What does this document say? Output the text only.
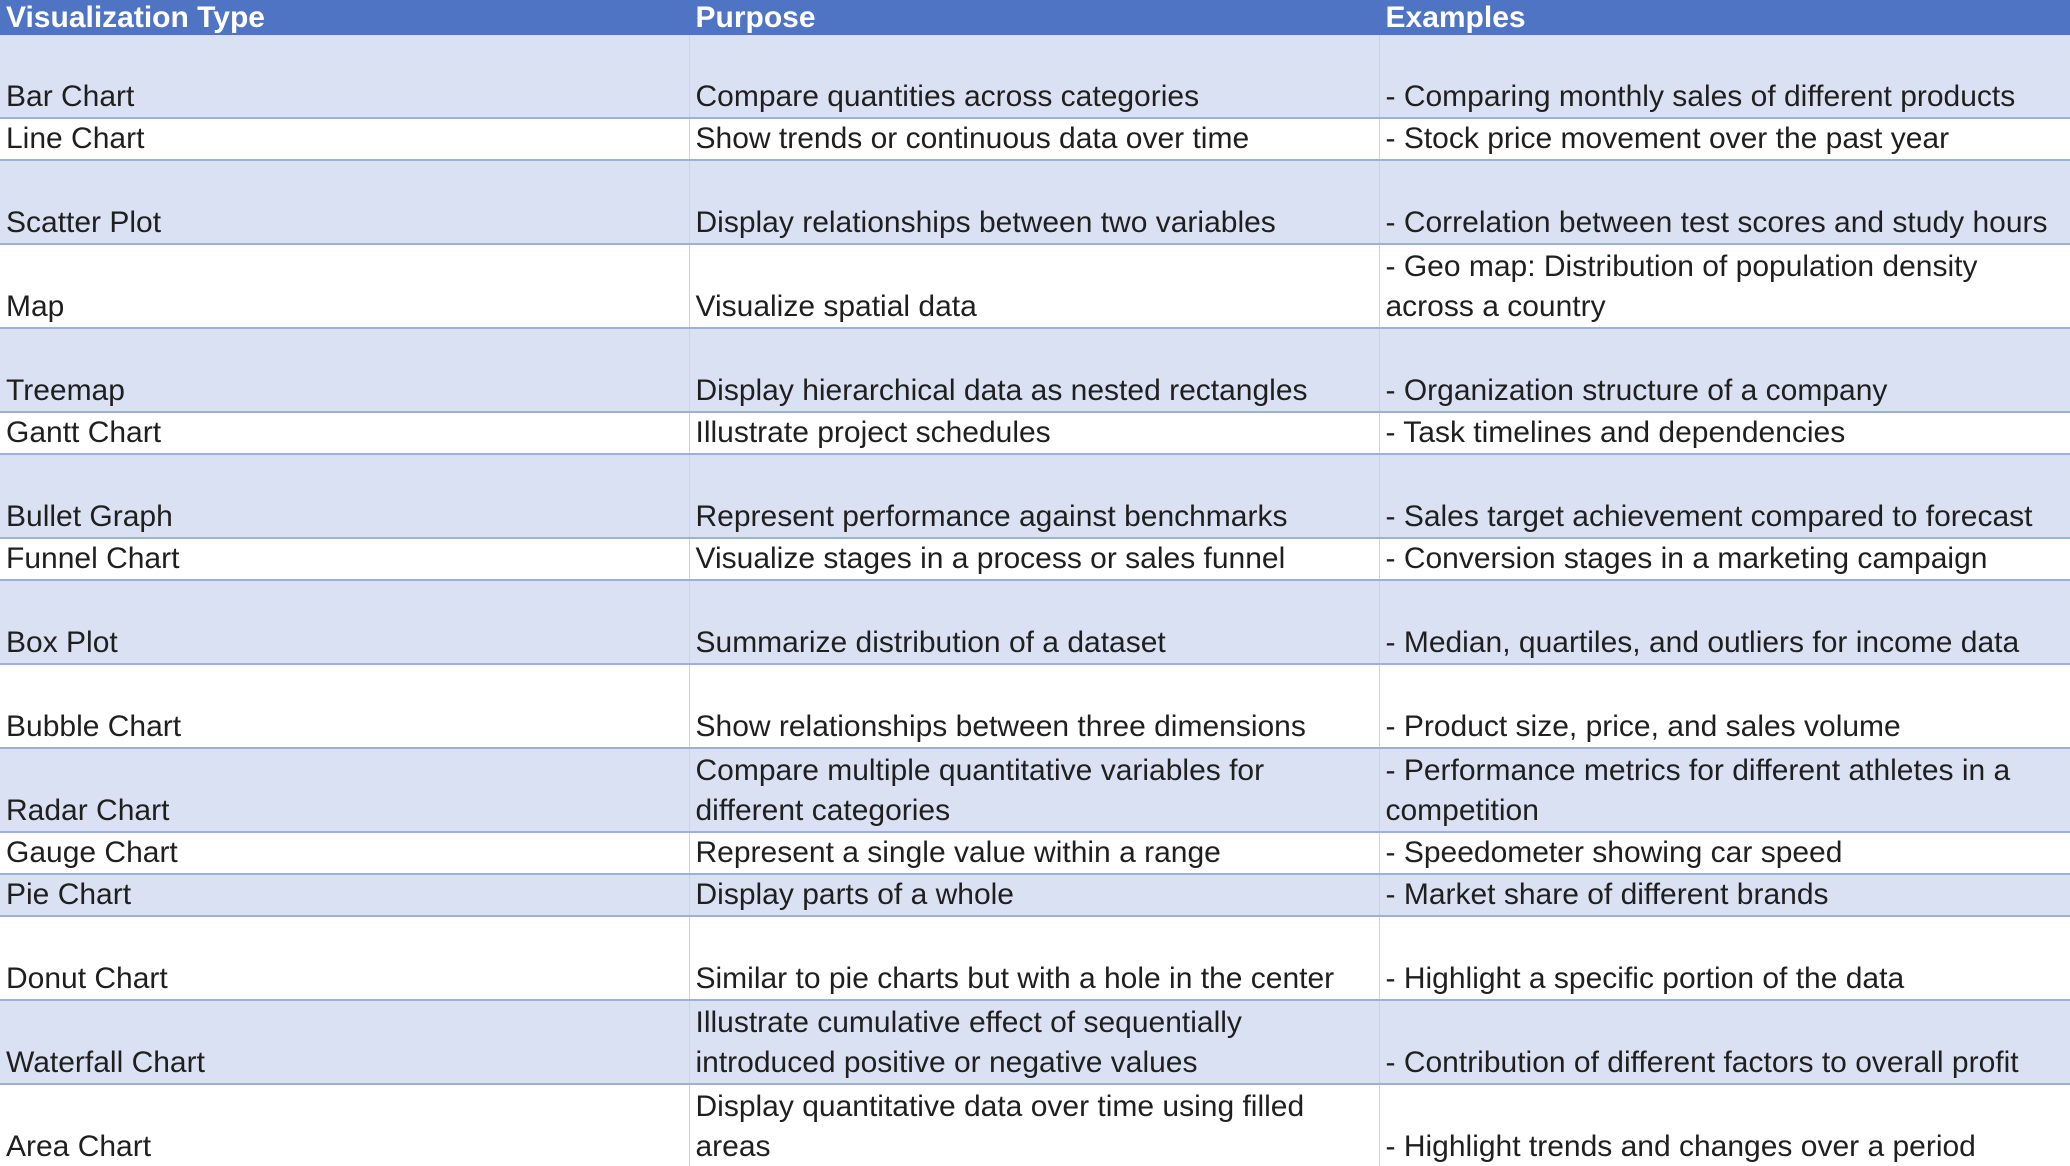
Visualization Type	Purpose	Examples
Bar Chart	Compare quantities across categories	- Comparing monthly sales of different products
Line Chart	Show trends or continuous data over time	- Stock price movement over the past year
Scatter Plot	Display relationships between two variables	- Correlation between test scores and study hours
Map	Visualize spatial data	- Geo map: Distribution of population density across a country
Treemap	Display hierarchical data as nested rectangles	- Organization structure of a company
Gantt Chart	Illustrate project schedules	- Task timelines and dependencies
Bullet Graph	Represent performance against benchmarks	- Sales target achievement compared to forecast
Funnel Chart	Visualize stages in a process or sales funnel	- Conversion stages in a marketing campaign
Box Plot	Summarize distribution of a dataset	- Median, quartiles, and outliers for income data
Bubble Chart	Show relationships between three dimensions	- Product size, price, and sales volume
Radar Chart	Compare multiple quantitative variables for different categories	- Performance metrics for different athletes in a competition
Gauge Chart	Represent a single value within a range	- Speedometer showing car speed
Pie Chart	Display parts of a whole	- Market share of different brands
Donut Chart	Similar to pie charts but with a hole in the center	- Highlight a specific portion of the data
Waterfall Chart	Illustrate cumulative effect of sequentially introduced positive or negative values	- Contribution of different factors to overall profit
Area Chart	Display quantitative data over time using filled areas	- Highlight trends and changes over a period
